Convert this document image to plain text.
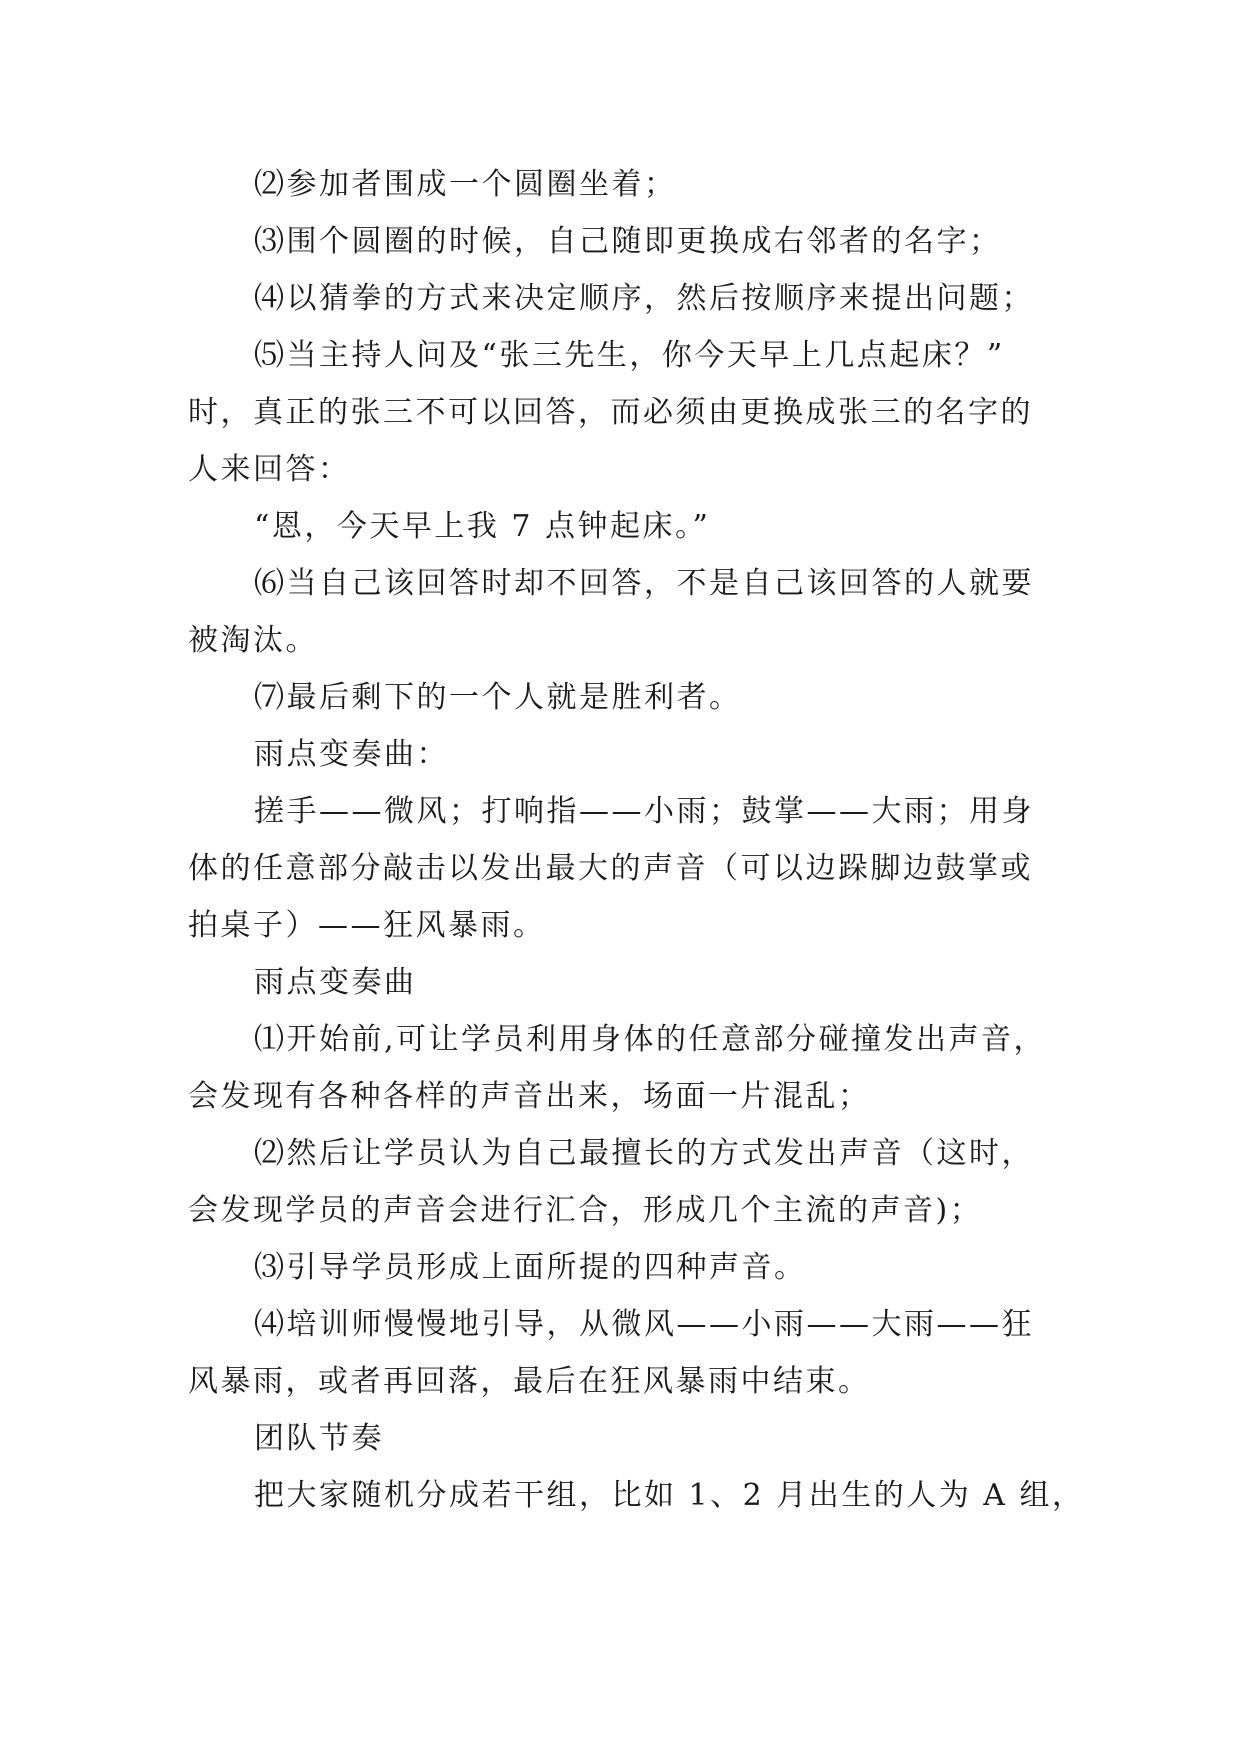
⑵参加者围成一个圆圈坐着；
⑶围个圆圈的时候，自己随即更换成右邻者的名字；
⑷以猜拳的方式来决定顺序，然后按顺序来提出问题；
⑸当主持人问及“张三先生，你今天早上几点起床？”
时，真正的张三不可以回答，而必须由更换成张三的名字的
人来回答：
“恩，今天早上我 7 点钟起床。”
⑹当自己该回答时却不回答，不是自己该回答的人就要
被淘汰。
⑺最后剩下的一个人就是胜利者。
雨点变奏曲：
搓手——微风；打响指——小雨；鼓掌——大雨；用身
体的任意部分敲击以发出最大的声音（可以边跺脚边鼓掌或
拍桌子）——狂风暴雨。
雨点变奏曲
⑴开始前,可让学员利用身体的任意部分碰撞发出声音，
会发现有各种各样的声音出来，场面一片混乱；
⑵然后让学员认为自己最擅长的方式发出声音（这时，
会发现学员的声音会进行汇合，形成几个主流的声音)；
⑶引导学员形成上面所提的四种声音。
⑷培训师慢慢地引导，从微风——小雨——大雨——狂
风暴雨，或者再回落，最后在狂风暴雨中结束。
团队节奏
把大家随机分成若干组，比如 1、2 月出生的人为 A 组，
